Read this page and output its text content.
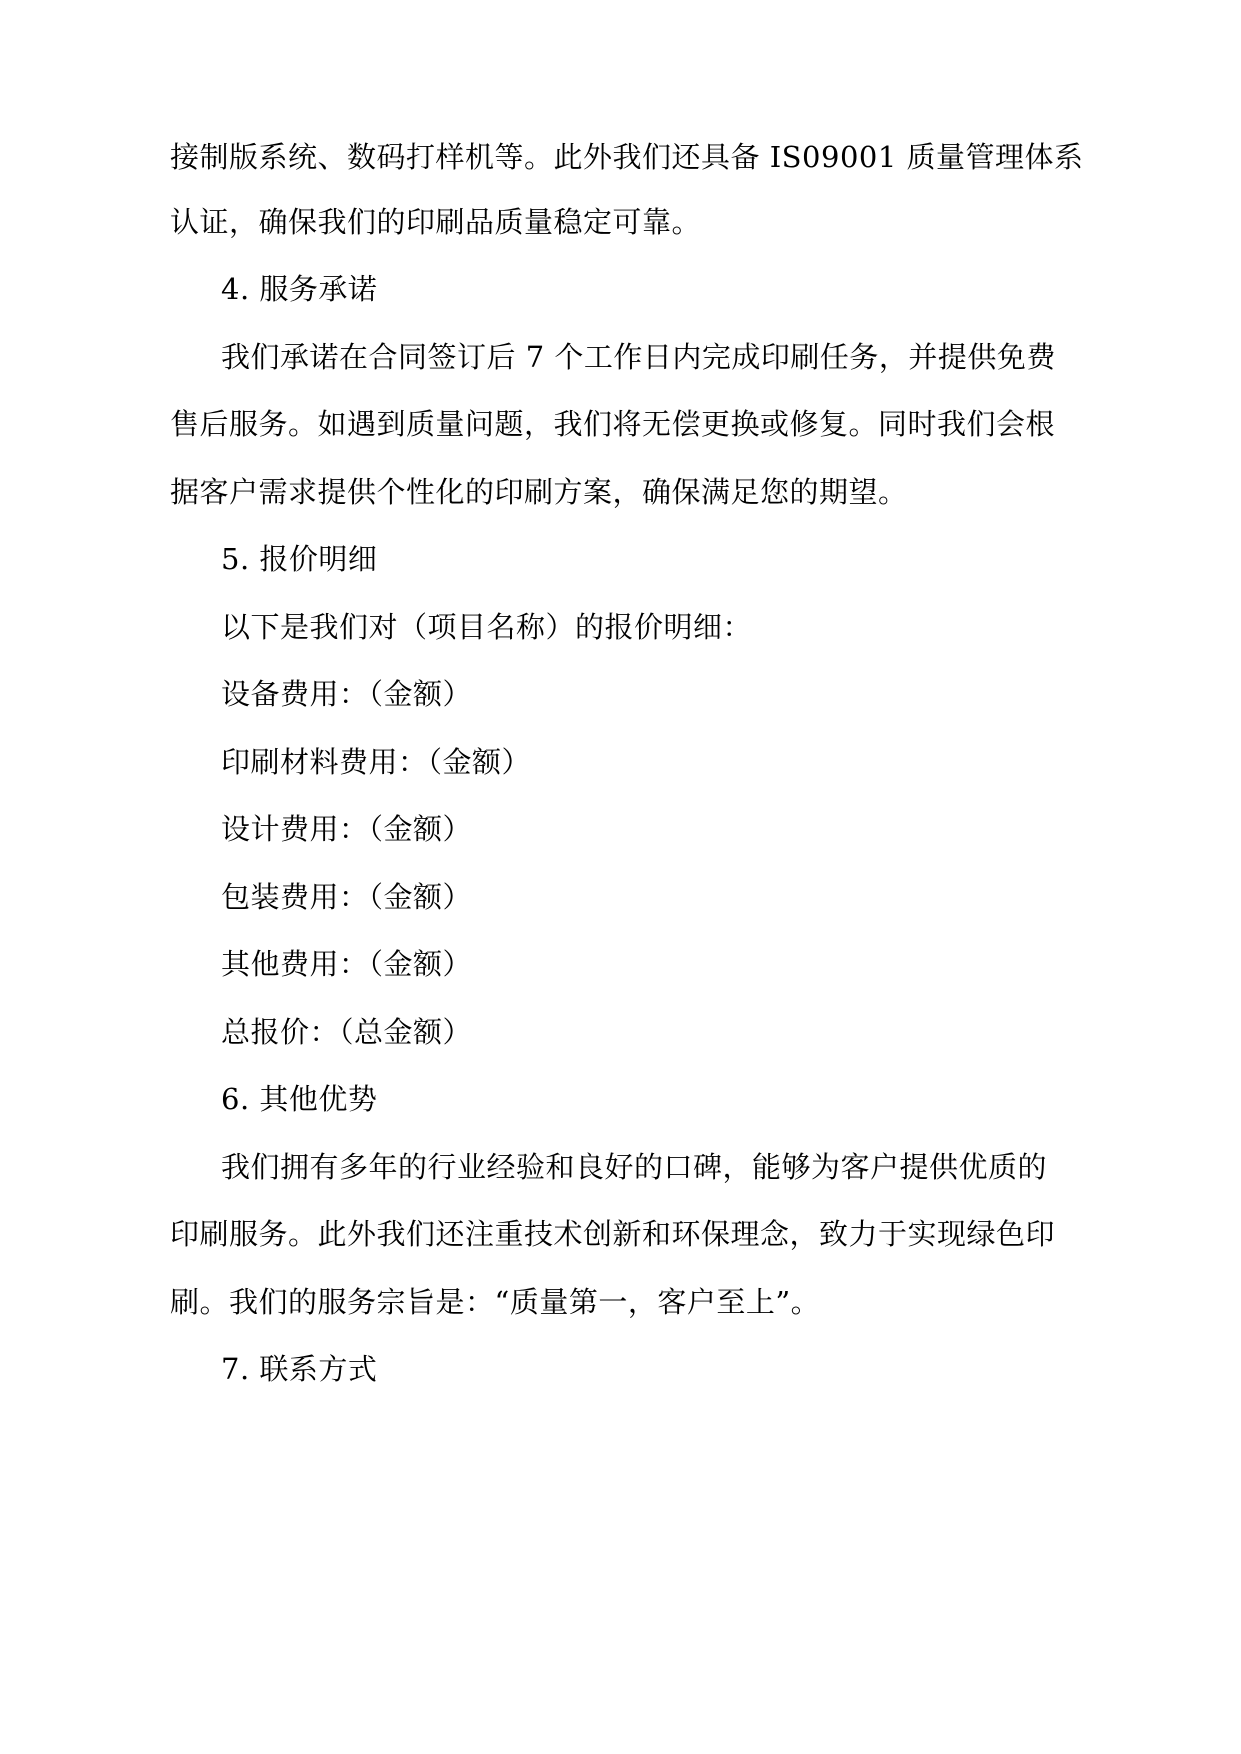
接制版系统、数码打样机等。此外我们还具备 IS09001 质量管理体系
认证，确保我们的印刷品质量稳定可靠。
4. 服务承诺
我们承诺在合同签订后 7 个工作日内完成印刷任务，并提供免费
售后服务。如遇到质量问题，我们将无偿更换或修复。同时我们会根
据客户需求提供个性化的印刷方案，确保满足您的期望。
5. 报价明细
以下是我们对（项目名称）的报价明细：
设备费用：（金额）
印刷材料费用：（金额）
设计费用：（金额）
包装费用：（金额）
其他费用：（金额）
总报价：（总金额）
6. 其他优势
我们拥有多年的行业经验和良好的口碑，能够为客户提供优质的
印刷服务。此外我们还注重技术创新和环保理念，致力于实现绿色印
刷。我们的服务宗旨是：“质量第一，客户至上”。
7. 联系方式
